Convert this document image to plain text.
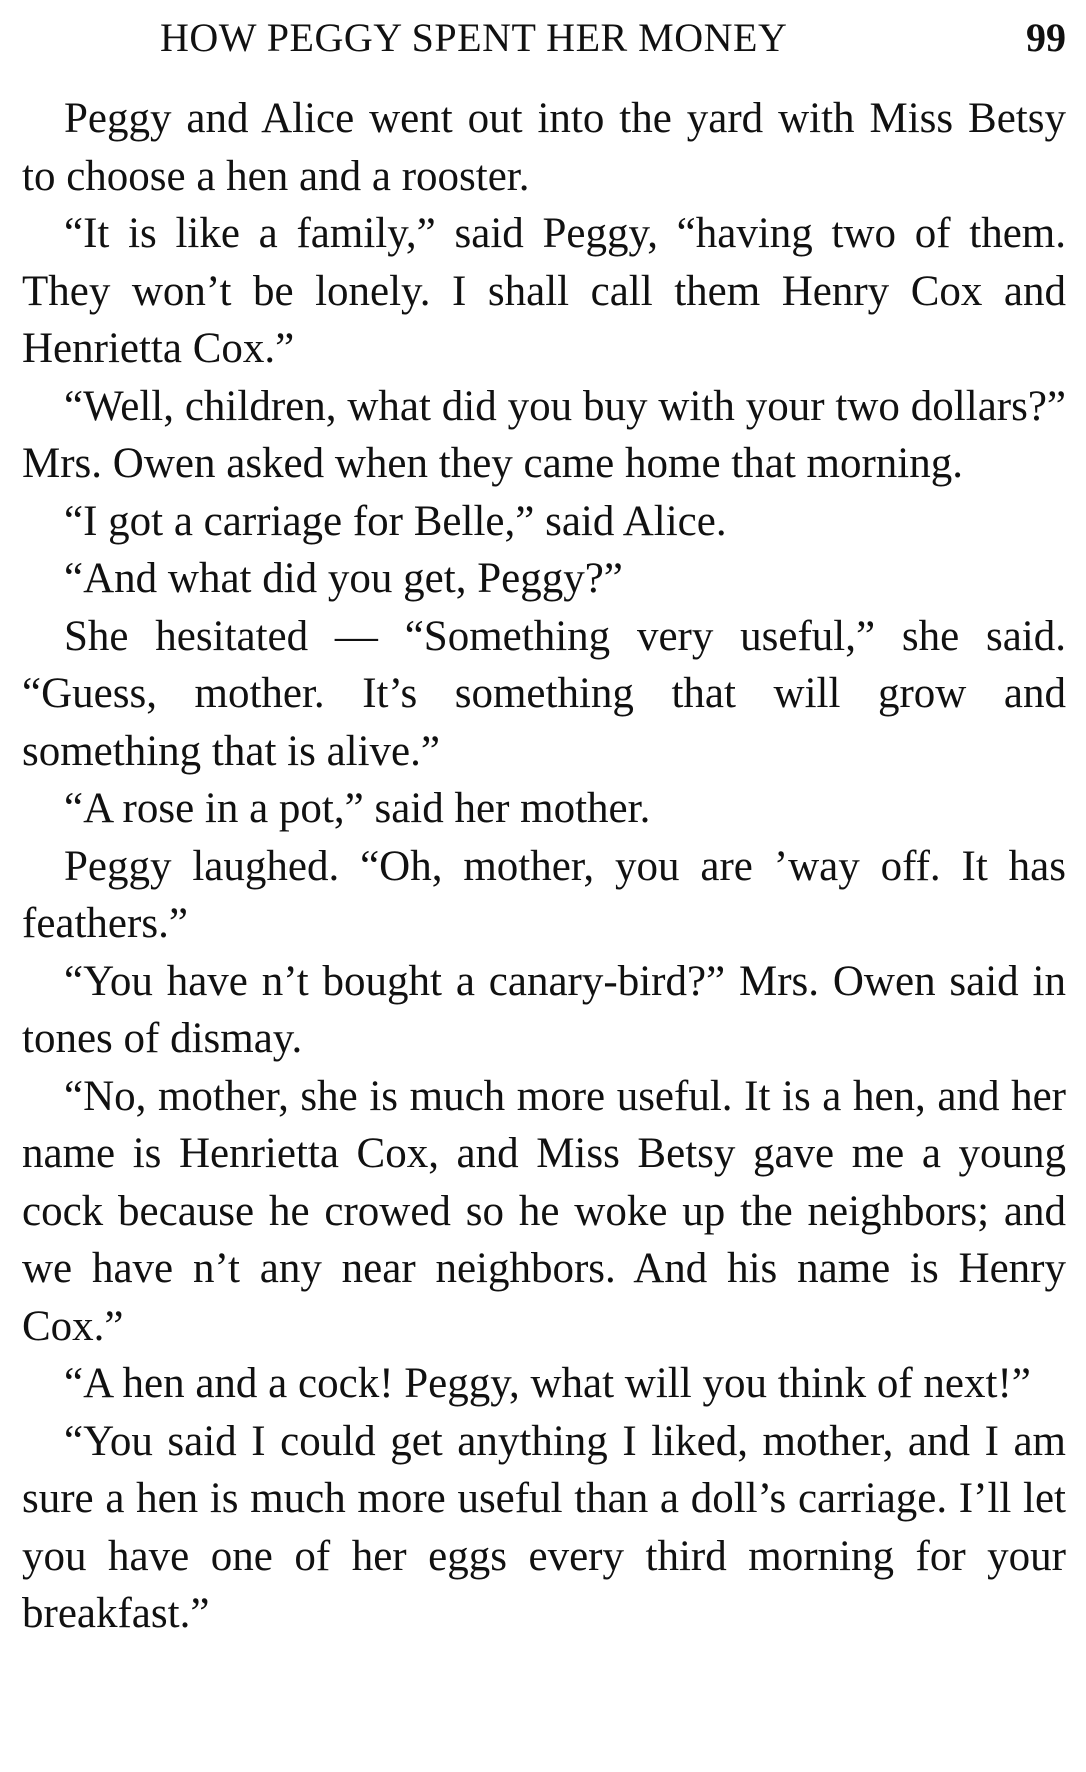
HOW PEGGY SPENT HER MONEY	99

Peggy and Alice went out into the yard with Miss Betsy to choose a hen and a rooster.

“It is like a family,” said Peggy, “having two of them. They won’t be lonely. I shall call them Henry Cox and Henrietta Cox.”

“Well, children, what did you buy with your two dollars?” Mrs. Owen asked when they came home that morning.

“I got a carriage for Belle,” said Alice.

“And what did you get, Peggy?”

She hesitated — “Something very useful,” she said. “Guess, mother. It’s something that will grow and something that is alive.”

“A rose in a pot,” said her mother.

Peggy laughed. “Oh, mother, you are ’way off. It has feathers.”

“You have n’t bought a canary-bird?” Mrs. Owen said in tones of dismay.

“No, mother, she is much more useful. It is a hen, and her name is Henrietta Cox, and Miss Betsy gave me a young cock because he crowed so he woke up the neighbors; and we have n’t any near neighbors. And his name is Henry Cox.”

“A hen and a cock! Peggy, what will you think of next!”

“You said I could get anything I liked, mother, and I am sure a hen is much more useful than a doll’s carriage. I’ll let you have one of her eggs every third morning for your breakfast.”
